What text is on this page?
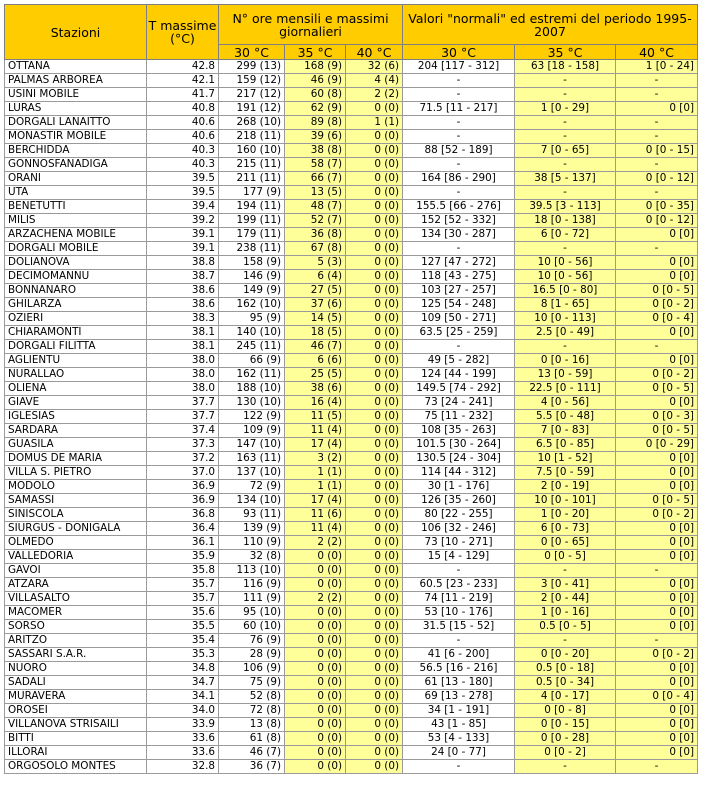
Stazioni	T massime (°C)	N° ore mensili e massimi giornalieri			Valori "normali" ed estremi del periodo 1995-2007		
		30 °C	35 °C	40 °C	30 °C	35 °C	40 °C
OTTANA	42.8	299 (13)	168 (9)	32 (6)	204 [117 - 312]	63 [18 - 158]	1 [0 - 24]
PALMAS ARBOREA	42.1	159 (12)	46 (9)	4 (4)	-	-	-
USINI MOBILE	41.7	217 (12)	60 (8)	2 (2)	-	-	-
LURAS	40.8	191 (12)	62 (9)	0 (0)	71.5 [11 - 217]	1 [0 - 29]	0 [0]
DORGALI LANAITTO	40.6	268 (10)	89 (8)	1 (1)	-	-	-
MONASTIR MOBILE	40.6	218 (11)	39 (6)	0 (0)	-	-	-
BERCHIDDA	40.3	160 (10)	38 (8)	0 (0)	88 [52 - 189]	7 [0 - 65]	0 [0 - 15]
GONNOSFANADIGA	40.3	215 (11)	58 (7)	0 (0)	-	-	-
ORANI	39.5	211 (11)	66 (7)	0 (0)	164 [86 - 290]	38 [5 - 137]	0 [0 - 12]
UTA	39.5	177 (9)	13 (5)	0 (0)	-	-	-
BENETUTTI	39.4	194 (11)	48 (7)	0 (0)	155.5 [66 - 276]	39.5 [3 - 113]	0 [0 - 35]
MILIS	39.2	199 (11)	52 (7)	0 (0)	152 [52 - 332]	18 [0 - 138]	0 [0 - 12]
ARZACHENA MOBILE	39.1	179 (11)	36 (8)	0 (0)	134 [30 - 287]	6 [0 - 72]	0 [0]
DORGALI MOBILE	39.1	238 (11)	67 (8)	0 (0)	-	-	-
DOLIANOVA	38.8	158 (9)	5 (3)	0 (0)	127 [47 - 272]	10 [0 - 56]	0 [0]
DECIMOMANNU	38.7	146 (9)	6 (4)	0 (0)	118 [43 - 275]	10 [0 - 56]	0 [0]
BONNANARO	38.6	149 (9)	27 (5)	0 (0)	103 [27 - 257]	16.5 [0 - 80]	0 [0 - 5]
GHILARZA	38.6	162 (10)	37 (6)	0 (0)	125 [54 - 248]	8 [1 - 65]	0 [0 - 2]
OZIERI	38.3	95 (9)	14 (5)	0 (0)	109 [50 - 271]	10 [0 - 113]	0 [0 - 4]
CHIARAMONTI	38.1	140 (10)	18 (5)	0 (0)	63.5 [25 - 259]	2.5 [0 - 49]	0 [0]
DORGALI FILITTA	38.1	245 (11)	46 (7)	0 (0)	-	-	-
AGLIENTU	38.0	66 (9)	6 (6)	0 (0)	49 [5 - 282]	0 [0 - 16]	0 [0]
NURALLAO	38.0	162 (11)	25 (5)	0 (0)	124 [44 - 199]	13 [0 - 59]	0 [0 - 2]
OLIENA	38.0	188 (10)	38 (6)	0 (0)	149.5 [74 - 292]	22.5 [0 - 111]	0 [0 - 5]
GIAVE	37.7	130 (10)	16 (4)	0 (0)	73 [24 - 241]	4 [0 - 56]	0 [0]
IGLESIAS	37.7	122 (9)	11 (5)	0 (0)	75 [11 - 232]	5.5 [0 - 48]	0 [0 - 3]
SARDARA	37.4	109 (9)	11 (4)	0 (0)	108 [35 - 263]	7 [0 - 83]	0 [0 - 5]
GUASILA	37.3	147 (10)	17 (4)	0 (0)	101.5 [30 - 264]	6.5 [0 - 85]	0 [0 - 29]
DOMUS DE MARIA	37.2	163 (11)	3 (2)	0 (0)	130.5 [24 - 304]	10 [1 - 52]	0 [0]
VILLA S. PIETRO	37.0	137 (10)	1 (1)	0 (0)	114 [44 - 312]	7.5 [0 - 59]	0 [0]
MODOLO	36.9	72 (9)	1 (1)	0 (0)	30 [1 - 176]	2 [0 - 19]	0 [0]
SAMASSI	36.9	134 (10)	17 (4)	0 (0)	126 [35 - 260]	10 [0 - 101]	0 [0 - 5]
SINISCOLA	36.8	93 (11)	11 (6)	0 (0)	80 [22 - 255]	1 [0 - 20]	0 [0 - 2]
SIURGUS - DONIGALA	36.4	139 (9)	11 (4)	0 (0)	106 [32 - 246]	6 [0 - 73]	0 [0]
OLMEDO	36.1	110 (9)	2 (2)	0 (0)	73 [10 - 271]	0 [0 - 65]	0 [0]
VALLEDORIA	35.9	32 (8)	0 (0)	0 (0)	15 [4 - 129]	0 [0 - 5]	0 [0]
GAVOI	35.8	113 (10)	0 (0)	0 (0)	-	-	-
ATZARA	35.7	116 (9)	0 (0)	0 (0)	60.5 [23 - 233]	3 [0 - 41]	0 [0]
VILLASALTO	35.7	111 (9)	2 (2)	0 (0)	74 [11 - 219]	2 [0 - 44]	0 [0]
MACOMER	35.6	95 (10)	0 (0)	0 (0)	53 [10 - 176]	1 [0 - 16]	0 [0]
SORSO	35.5	60 (10)	0 (0)	0 (0)	31.5 [15 - 52]	0.5 [0 - 5]	0 [0]
ARITZO	35.4	76 (9)	0 (0)	0 (0)	-	-	-
SASSARI S.A.R.	35.3	28 (9)	0 (0)	0 (0)	41 [6 - 200]	0 [0 - 20]	0 [0 - 2]
NUORO	34.8	106 (9)	0 (0)	0 (0)	56.5 [16 - 216]	0.5 [0 - 18]	0 [0]
SADALI	34.7	75 (9)	0 (0)	0 (0)	61 [13 - 180]	0.5 [0 - 34]	0 [0]
MURAVERA	34.1	52 (8)	0 (0)	0 (0)	69 [13 - 278]	4 [0 - 17]	0 [0 - 4]
OROSEI	34.0	72 (8)	0 (0)	0 (0)	34 [1 - 191]	0 [0 - 8]	0 [0]
VILLANOVA STRISAILI	33.9	13 (8)	0 (0)	0 (0)	43 [1 - 85]	0 [0 - 15]	0 [0]
BITTI	33.6	61 (8)	0 (0)	0 (0)	53 [4 - 133]	0 [0 - 28]	0 [0]
ILLORAI	33.6	46 (7)	0 (0)	0 (0)	24 [0 - 77]	0 [0 - 2]	0 [0]
ORGOSOLO MONTES	32.8	36 (7)	0 (0)	0 (0)	-	-	-
